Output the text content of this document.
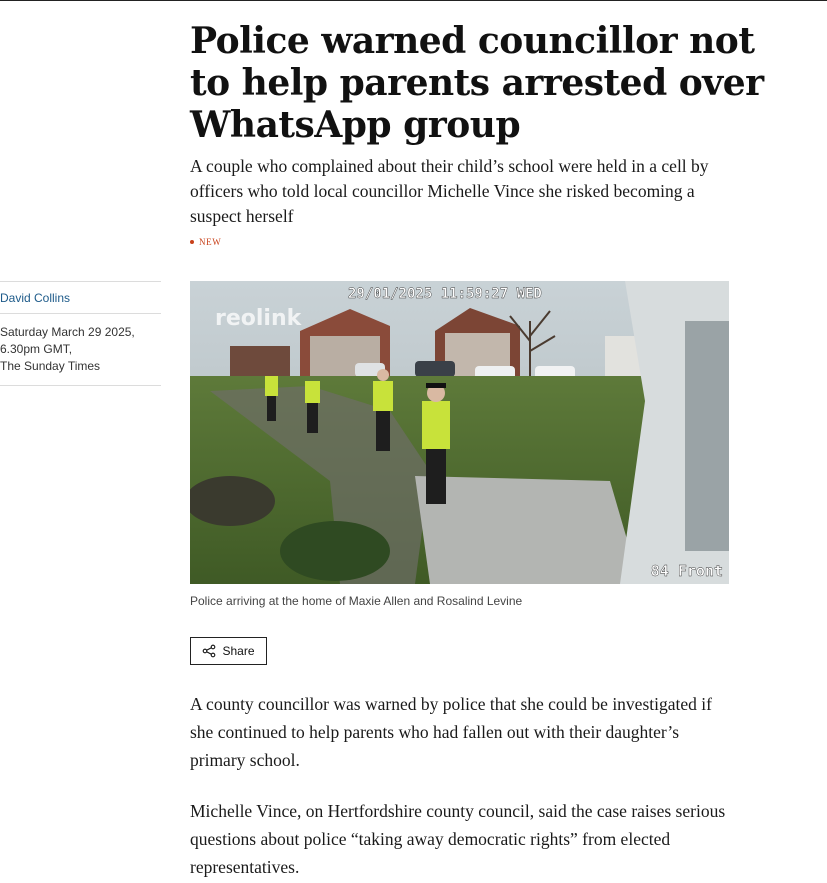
Police warned councillor not to help parents arrested over WhatsApp group

A couple who complained about their child’s school were held in a cell by officers who told local councillor Michelle Vince she risked becoming a suspect herself

NEW
David Collins
Saturday March 29 2025, 6.30pm GMT,
The Sunday Times
29/01/2025 11:59:27 WED
reolink
84 Front
Police arriving at the home of Maxie Allen and Rosalind Levine
Share

A county councillor was warned by police that she could be investigated if she continued to help parents who had fallen out with their daughter’s primary school.

Michelle Vince, on Hertfordshire county council, said the case raises serious questions about police “taking away democratic rights” from elected representatives.
